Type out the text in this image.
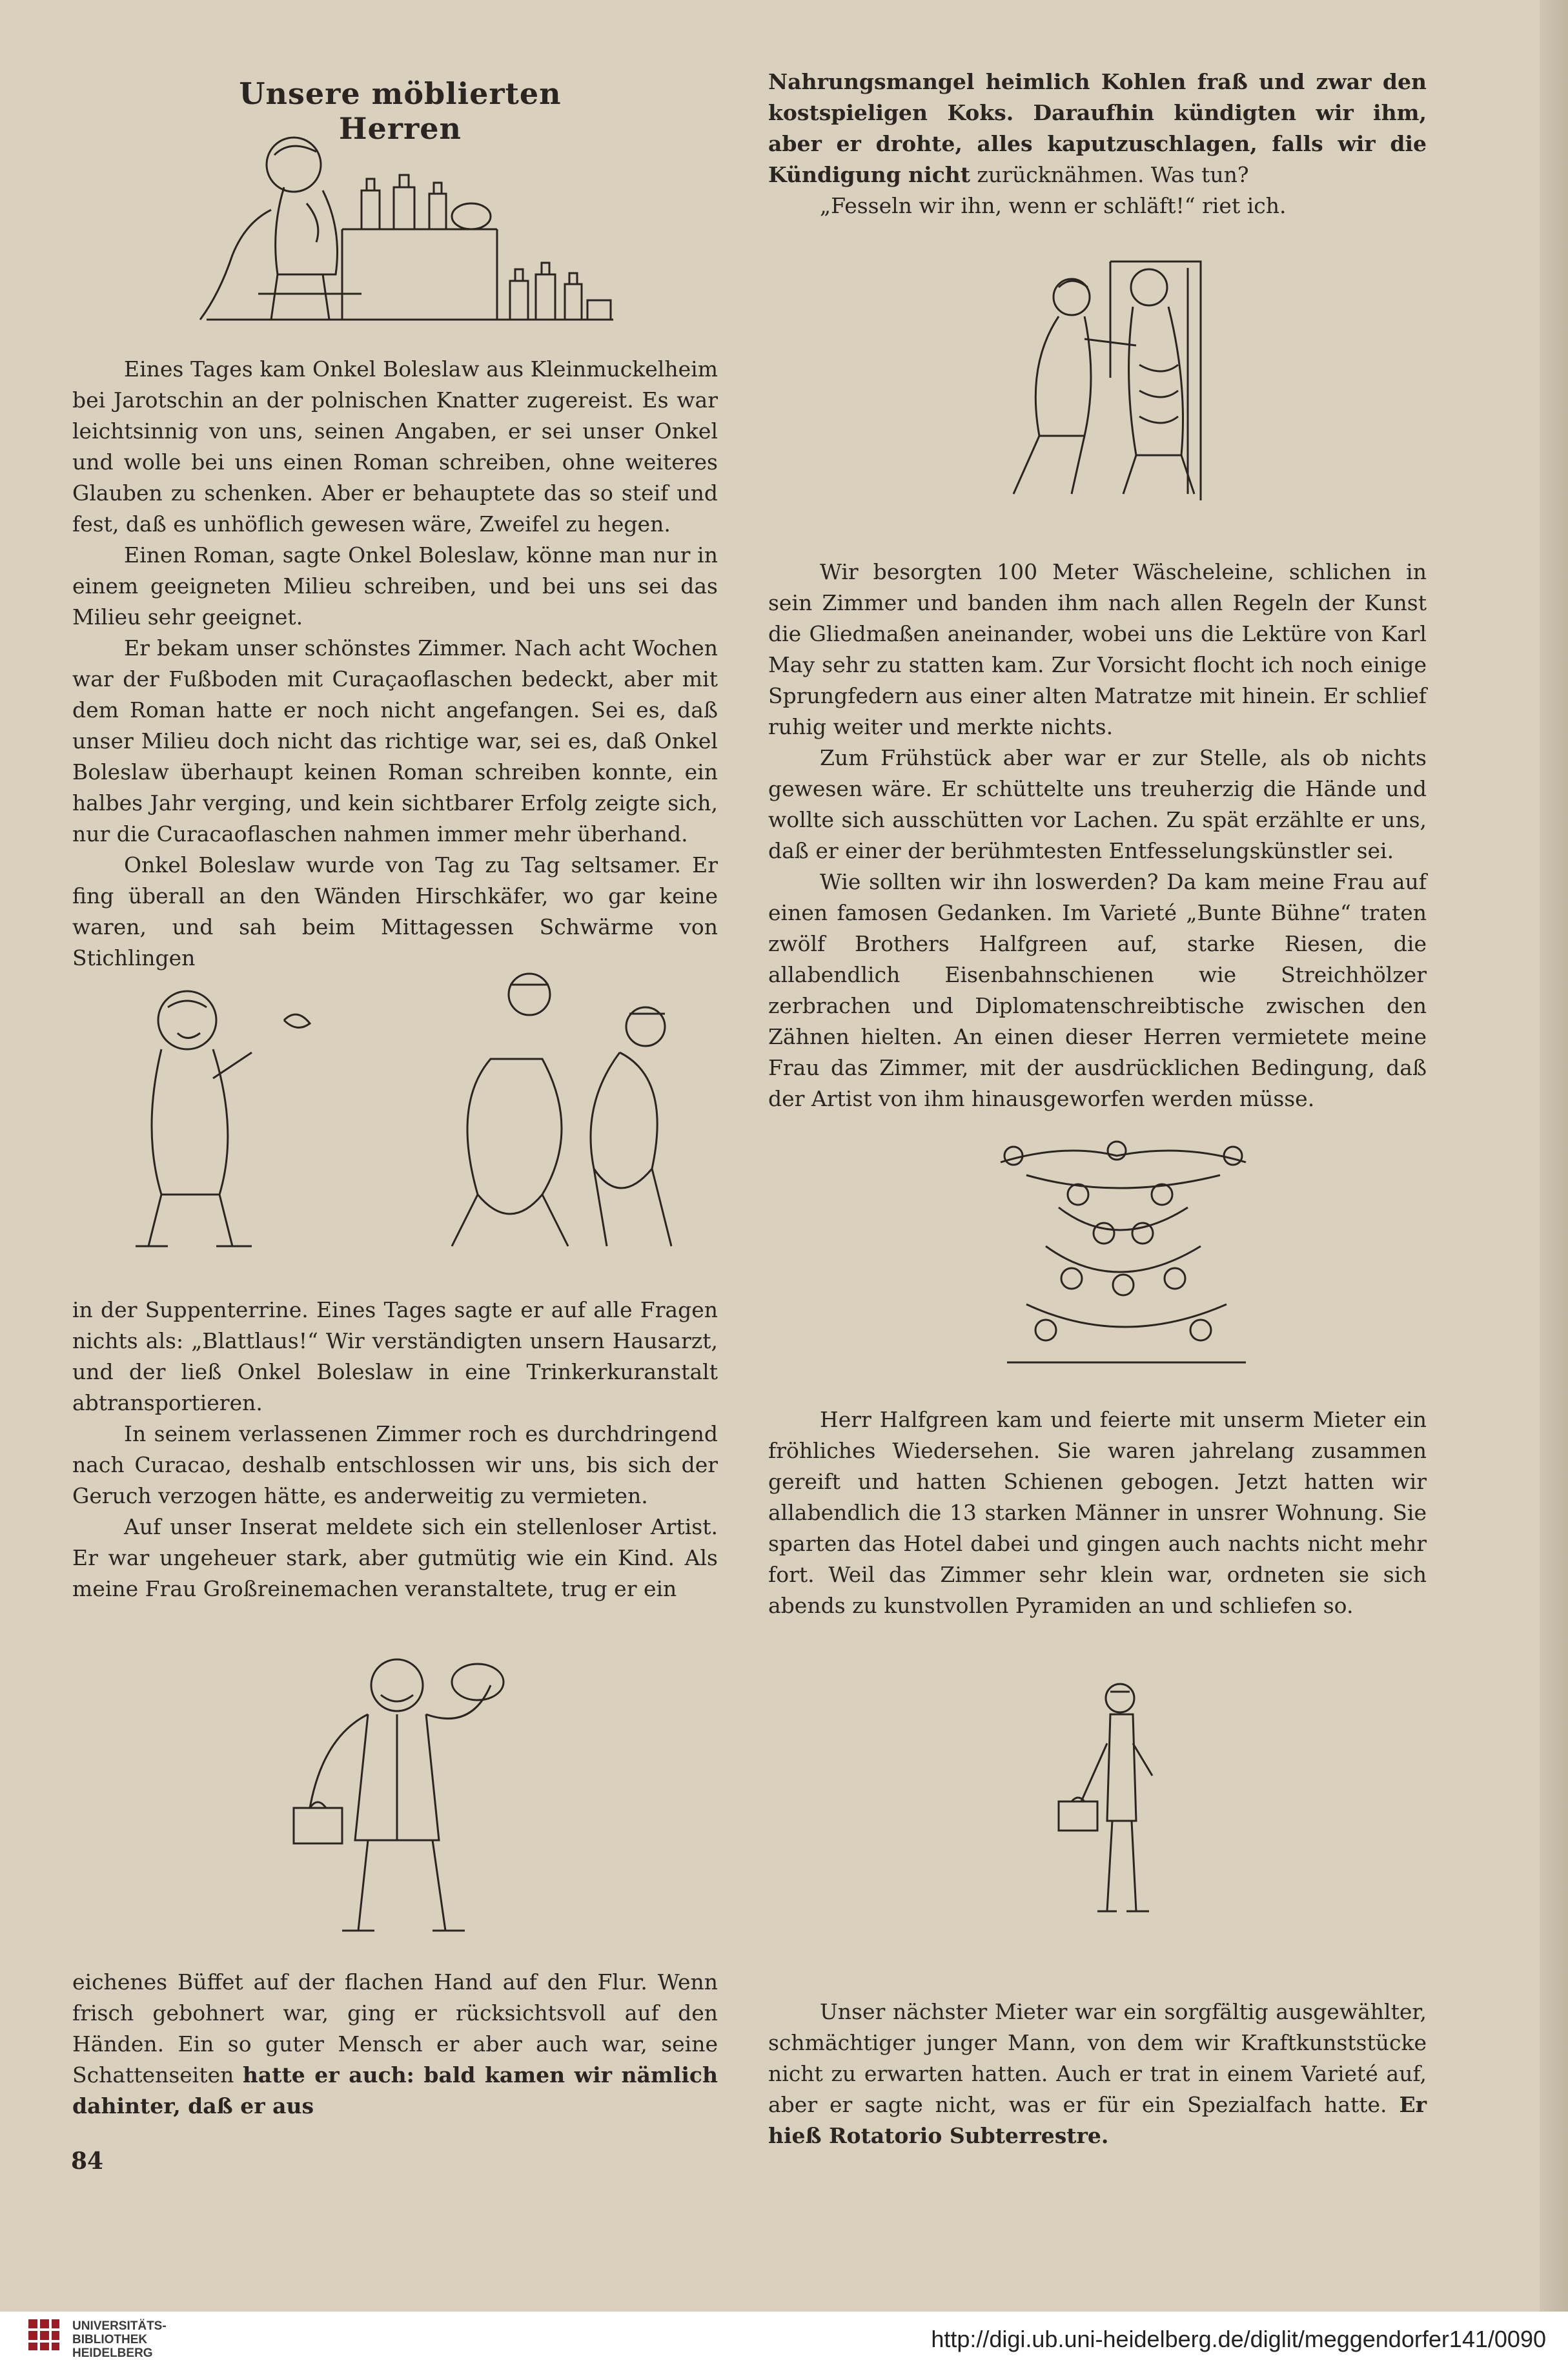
Unsere möblierten Herren

Eines Tages kam Onkel Boleslaw aus Kleinmuckelheim bei Jarotschin an der polnischen Knatter zugereist. Es war leichtsinnig von uns, seinen Angaben, er sei unser Onkel und wolle bei uns einen Roman schreiben, ohne weiteres Glauben zu schenken. Aber er behauptete das so steif und fest, daß es unhöflich gewesen wäre, Zweifel zu hegen.

Einen Roman, sagte Onkel Boleslaw, könne man nur in einem geeigneten Milieu schreiben, und bei uns sei das Milieu sehr geeignet.

Er bekam unser schönstes Zimmer. Nach acht Wochen war der Fußboden mit Curaçaoflaschen bedeckt, aber mit dem Roman hatte er noch nicht angefangen. Sei es, daß unser Milieu doch nicht das richtige war, sei es, daß Onkel Boleslaw überhaupt keinen Roman schreiben konnte, ein halbes Jahr verging, und kein sichtbarer Erfolg zeigte sich, nur die Curacaoflaschen nahmen immer mehr überhand.

Onkel Boleslaw wurde von Tag zu Tag seltsamer. Er fing überall an den Wänden Hirschkäfer, wo gar keine waren, und sah beim Mittagessen Schwärme von Stichlingen

in der Suppenterrine. Eines Tages sagte er auf alle Fragen nichts als: „Blattlaus!“ Wir verständigten unsern Hausarzt, und der ließ Onkel Boleslaw in eine Trinkerkuranstalt abtransportieren.

In seinem verlassenen Zimmer roch es durchdringend nach Curacao, deshalb entschlossen wir uns, bis sich der Geruch verzogen hätte, es anderweitig zu vermieten.

Auf unser Inserat meldete sich ein stellenloser Artist. Er war ungeheuer stark, aber gutmütig wie ein Kind. Als meine Frau Großreinemachen veranstaltete, trug er ein

eichenes Büffet auf der flachen Hand auf den Flur. Wenn frisch gebohnert war, ging er rücksichtsvoll auf den Händen. Ein so guter Mensch er aber auch war, seine Schattenseiten hatte er auch: bald kamen wir nämlich dahinter, daß er aus

84

Nahrungsmangel heimlich Kohlen fraß und zwar den kostspieligen Koks. Daraufhin kündigten wir ihm, aber er drohte, alles kaputzuschlagen, falls wir die Kündigung nicht zurücknähmen. Was tun?

„Fesseln wir ihn, wenn er schläft!“ riet ich.

Wir besorgten 100 Meter Wäscheleine, schlichen in sein Zimmer und banden ihm nach allen Regeln der Kunst die Gliedmaßen aneinander, wobei uns die Lektüre von Karl May sehr zu statten kam. Zur Vorsicht flocht ich noch einige Sprungfedern aus einer alten Matratze mit hinein. Er schlief ruhig weiter und merkte nichts.

Zum Frühstück aber war er zur Stelle, als ob nichts gewesen wäre. Er schüttelte uns treuherzig die Hände und wollte sich ausschütten vor Lachen. Zu spät erzählte er uns, daß er einer der berühmtesten Entfesselungskünstler sei.

Wie sollten wir ihn loswerden? Da kam meine Frau auf einen famosen Gedanken. Im Varieté „Bunte Bühne“ traten zwölf Brothers Halfgreen auf, starke Riesen, die allabendlich Eisenbahnschienen wie Streichhölzer zerbrachen und Diplomatenschreibtische zwischen den Zähnen hielten. An einen dieser Herren vermietete meine Frau das Zimmer, mit der ausdrücklichen Bedingung, daß der Artist von ihm hinausgeworfen werden müsse.

Herr Halfgreen kam und feierte mit unserm Mieter ein fröhliches Wiedersehen. Sie waren jahrelang zusammen gereift und hatten Schienen gebogen. Jetzt hatten wir allabendlich die 13 starken Männer in unsrer Wohnung. Sie sparten das Hotel dabei und gingen auch nachts nicht mehr fort. Weil das Zimmer sehr klein war, ordneten sie sich abends zu kunstvollen Pyramiden an und schliefen so.

Unser nächster Mieter war ein sorgfältig ausgewählter, schmächtiger junger Mann, von dem wir Kraftkunststücke nicht zu erwarten hatten. Auch er trat in einem Varieté auf, aber er sagte nicht, was er für ein Spezialfach hatte. Er hieß Rotatorio Subterrestre.

UNIVERSITÄTS-
BIBLIOTHEK
HEIDELBERG
http://digi.ub.uni-heidelberg.de/diglit/meggendorfer141/0090
